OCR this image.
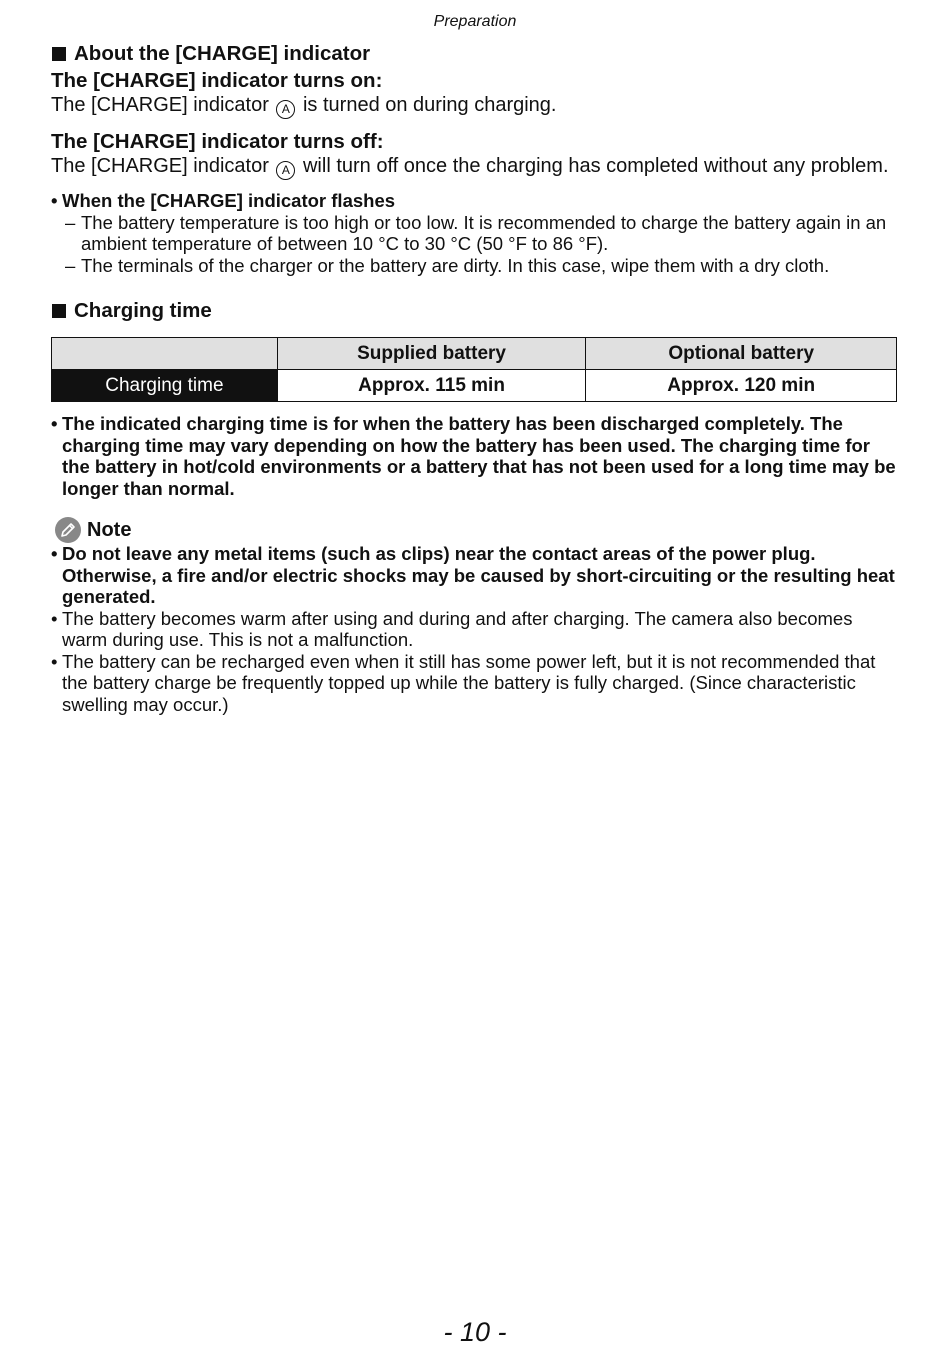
Preparation
About the [CHARGE] indicator
The [CHARGE] indicator turns on:
The [CHARGE] indicator A is turned on during charging.
The [CHARGE] indicator turns off:
The [CHARGE] indicator A will turn off once the charging has completed without any problem.
• When the [CHARGE] indicator flashes
– The battery temperature is too high or too low. It is recommended to charge the battery again in an ambient temperature of between 10 °C to 30 °C (50 °F to 86 °F).
– The terminals of the charger or the battery are dirty. In this case, wipe them with a dry cloth.
Charging time
	Supplied battery	Optional battery
Charging time	Approx. 115 min	Approx. 120 min
• The indicated charging time is for when the battery has been discharged completely. The charging time may vary depending on how the battery has been used. The charging time for the battery in hot/cold environments or a battery that has not been used for a long time may be longer than normal.
Note
• Do not leave any metal items (such as clips) near the contact areas of the power plug. Otherwise, a fire and/or electric shocks may be caused by short-circuiting or the resulting heat generated.
• The battery becomes warm after using and during and after charging. The camera also becomes warm during use. This is not a malfunction.
• The battery can be recharged even when it still has some power left, but it is not recommended that the battery charge be frequently topped up while the battery is fully charged. (Since characteristic swelling may occur.)
- 10 -
